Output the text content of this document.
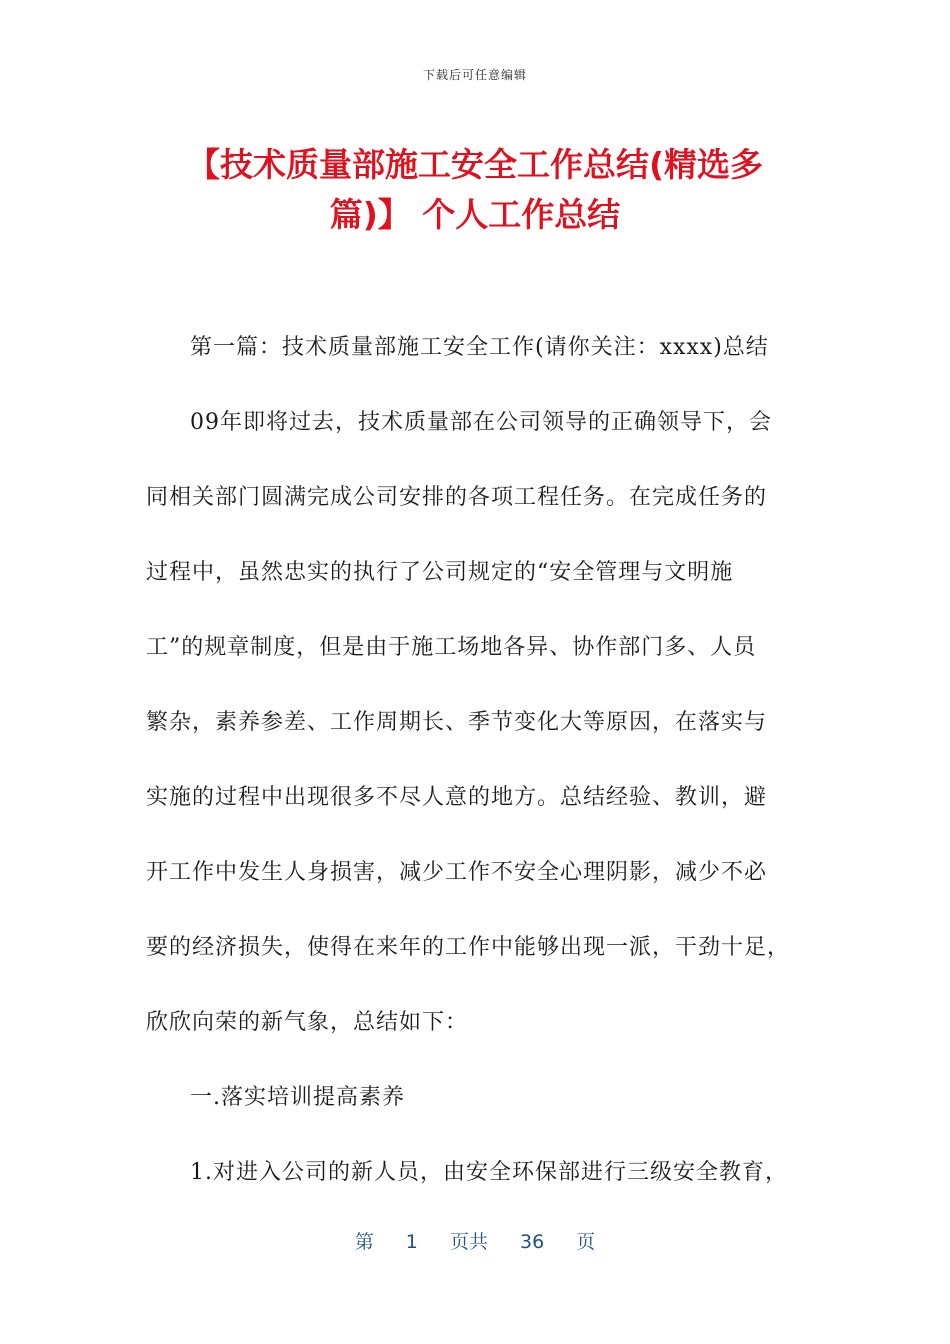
下载后可任意编辑
【技术质量部施工安全工作总结(精选多
篇)】 个人工作总结
第一篇：技术质量部施工安全工作(请你关注：xxxx)总结
09年即将过去，技术质量部在公司领导的正确领导下，会
同相关部门圆满完成公司安排的各项工程任务。在完成任务的
过程中，虽然忠实的执行了公司规定的“安全管理与文明施
工”的规章制度，但是由于施工场地各异、协作部门多、人员
繁杂，素养参差、工作周期长、季节变化大等原因，在落实与
实施的过程中出现很多不尽人意的地方。总结经验、教训，避
开工作中发生人身损害，减少工作不安全心理阴影，减少不必
要的经济损失，使得在来年的工作中能够出现一派，干劲十足，
欣欣向荣的新气象，总结如下：
一.落实培训提高素养
1.对进入公司的新人员，由安全环保部进行三级安全教育，
第 1 页共 36 页
